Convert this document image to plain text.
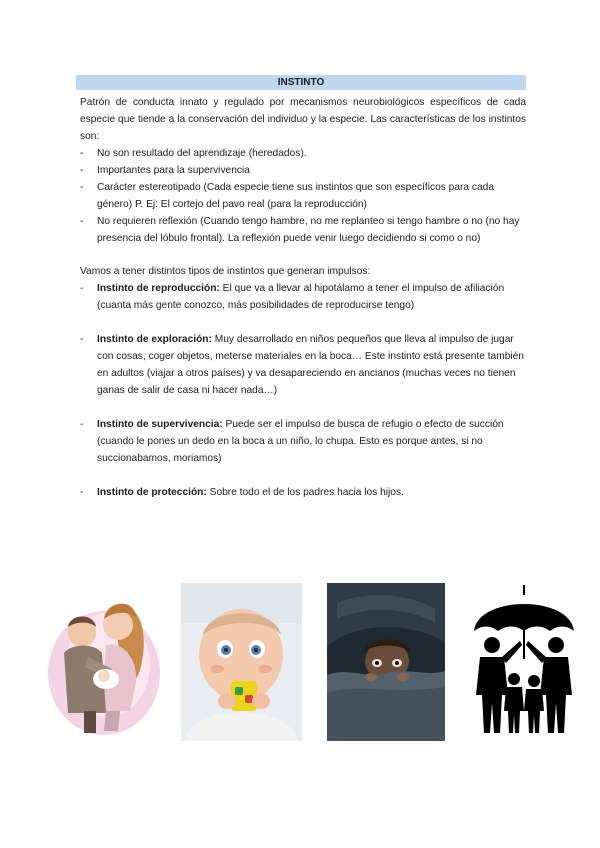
INSTINTO

Patrón de conducta innato y regulado por mecanismos neurobiológicos específicos de cada especie que tiende a la conservación del individuo y la especie. Las características de los instintos son:

- No son resultado del aprendizaje (heredados).
- Importantes para la supervivencia
- Carácter estereotipado (Cada especie tiene sus instintos que son específicos para cada género) P. Ej: El cortejo del pavo real (para la reproducción)
- No requieren reflexión (Cuando tengo hambre, no me replanteo si tengo hambre o no (no hay presencia del lóbulo frontal). La reflexión puede venir luego decidiendo si como o no)

Vamos a tener distintos tipos de instintos que generan impulsos:

- Instinto de reproducción: El que va a llevar al hipotálamo a tener el impulso de afiliación (cuanta más gente conozco, más posibilidades de reproducirse tengo)
- Instinto de exploración: Muy desarrollado en niños pequeños que lleva al impulso de jugar con cosas, coger objetos, meterse materiales en la boca… Este instinto está presente también en adultos (viajar a otros países) y va desapareciendo en ancianos (muchas veces no tienen ganas de salir de casa ni hacer nada…)
- Instinto de supervivencia: Puede ser el impulso de busca de refugio o efecto de succión (cuando le pones un dedo en la boca a un niño, lo chupa. Esto es porque antes, si no succionabamos, moriamos)
- Instinto de protección: Sobre todo el de los padres hacia los hijos.
